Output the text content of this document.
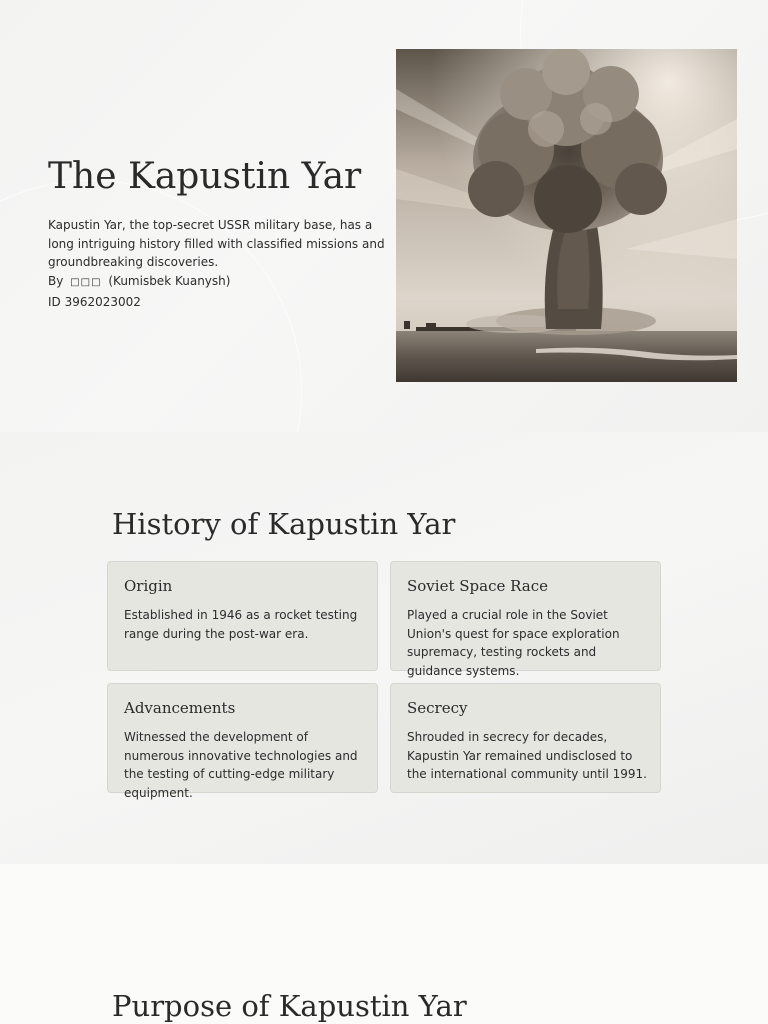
The Kapustin Yar

Kapustin Yar, the top-secret USSR military base, has a long intriguing history filled with classified missions and groundbreaking discoveries.

By □□□ (Kumisbek Kuanysh)
ID 3962023002
History of Kapustin Yar
Origin

Established in 1946 as a rocket testing range during the post-war era.

Soviet Space Race

Played a crucial role in the Soviet Union's quest for space exploration supremacy, testing rockets and guidance systems.

Advancements

Witnessed the development of numerous innovative technologies and the testing of cutting-edge military equipment.

Secrecy

Shrouded in secrecy for decades, Kapustin Yar remained undisclosed to the international community until 1991.

Purpose of Kapustin Yar
